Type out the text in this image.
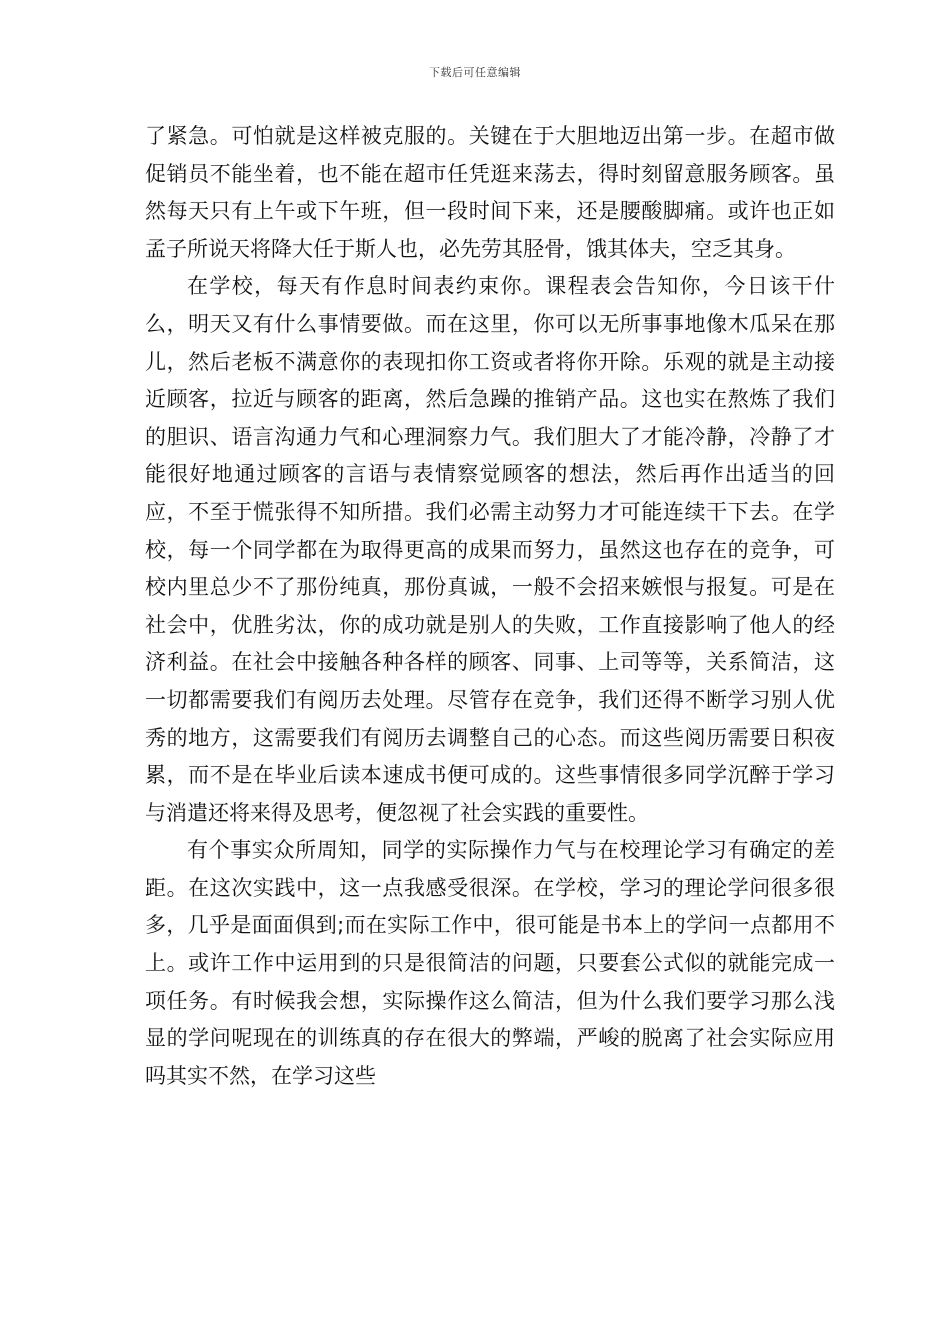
下载后可任意编辑

了紧急。可怕就是这样被克服的。关键在于大胆地迈出第一步。在超市做促销员不能坐着，也不能在超市任凭逛来荡去，得时刻留意服务顾客。虽然每天只有上午或下午班，但一段时间下来，还是腰酸脚痛。或许也正如孟子所说天将降大任于斯人也，必先劳其胫骨，饿其体夫，空乏其身。

在学校，每天有作息时间表约束你。课程表会告知你，今日该干什么，明天又有什么事情要做。而在这里，你可以无所事事地像木瓜呆在那儿，然后老板不满意你的表现扣你工资或者将你开除。乐观的就是主动接近顾客，拉近与顾客的距离，然后急躁的推销产品。这也实在熬炼了我们的胆识、语言沟通力气和心理洞察力气。我们胆大了才能冷静，冷静了才能很好地通过顾客的言语与表情察觉顾客的想法，然后再作出适当的回应，不至于慌张得不知所措。我们必需主动努力才可能连续干下去。在学校，每一个同学都在为取得更高的成果而努力，虽然这也存在的竞争，可校内里总少不了那份纯真，那份真诚，一般不会招来嫉恨与报复。可是在社会中，优胜劣汰，你的成功就是别人的失败，工作直接影响了他人的经济利益。在社会中接触各种各样的顾客、同事、上司等等，关系简洁，这一切都需要我们有阅历去处理。尽管存在竞争，我们还得不断学习别人优秀的地方，这需要我们有阅历去调整自己的心态。而这些阅历需要日积夜累，而不是在毕业后读本速成书便可成的。这些事情很多同学沉醉于学习与消遣还将来得及思考，便忽视了社会实践的重要性。

有个事实众所周知，同学的实际操作力气与在校理论学习有确定的差距。在这次实践中，这一点我感受很深。在学校，学习的理论学问很多很多，几乎是面面俱到;而在实际工作中，很可能是书本上的学问一点都用不上。或许工作中运用到的只是很简洁的问题，只要套公式似的就能完成一项任务。有时候我会想，实际操作这么简洁，但为什么我们要学习那么浅显的学问呢现在的训练真的存在很大的弊端，严峻的脱离了社会实际应用吗其实不然，在学习这些
